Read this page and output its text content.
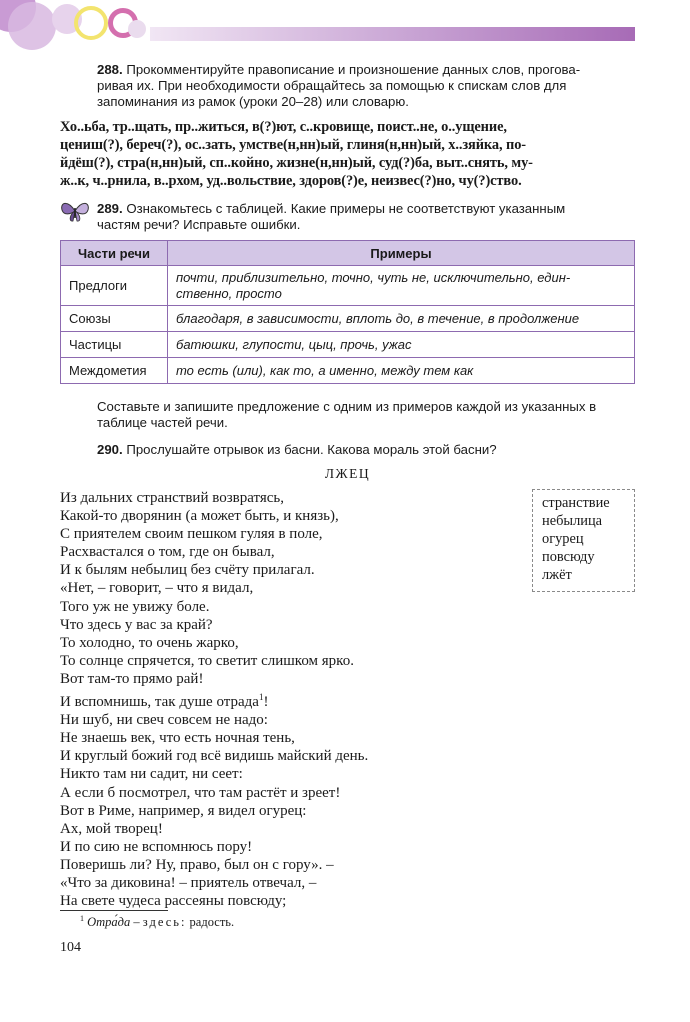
288. Прокомментируйте правописание и произношение данных слов, прогова-
ривая их. При необходимости обращайтесь за помощью к спискам слов для
запоминания из рамок (уроки 20–28) или словарю.
Хо..ьба, тр..щать, пр..житься, в(?)ют, с..кровище, поист..не, о..ущение,
цениш(?), береч(?), ос..зать, умстве(н,нн)ый, глиня(н,нн)ый, х..зяйка, по-
йдёш(?), стра(н,нн)ый, сп..койно, жизне(н,нн)ый, суд(?)ба, выт..снять, му-
ж..к, ч..рнила, в..рхом, уд..вольствие, здоров(?)е, неизвес(?)но, чу(?)ство.
289. Ознакомьтесь с таблицей. Какие примеры не соответствуют указанным
частям речи? Исправьте ошибки.
Части речи	Примеры
Предлоги	почти, приблизительно, точно, чуть не, исключительно, един-
ственно, просто

Союзы	благодаря, в зависимости, вплоть до, в течение, в продолжение
Частицы	батюшки, глупости, цыц, прочь, ужас
Междометия	то есть (или), как то, а именно, между тем как
Составьте и запишите предложение с одним из примеров каждой из указанных в
таблице частей речи.
290. Прослушайте отрывок из басни. Какова мораль этой басни?
ЛЖЕЦ
Из дальних странствий возвратясь,
Какой-то дворянин (а может быть, и князь),
С приятелем своим пешком гуляя в поле,
Расхвастался о том, где он бывал,
И к былям небылиц без счёту прилагал.
«Нет, – говорит, – что я видал,
Того уж не увижу боле.
Что здесь у вас за край?
То холодно, то очень жарко,
То солнце спрячется, то светит слишком ярко.
Вот там-то прямо рай!
И вспомнишь, так душе отрада$^1$!
Ни шуб, ни свеч совсем не надо:
Не знаешь век, что есть ночная тень,
И круглый божий год всё видишь майский день.
Никто там ни садит, ни сеет:
А если б посмотрел, что там растёт и зреет!
Вот в Риме, например, я видел огурец:
Ах, мой творец!
И по сию не вспомнюсь пору!
Поверишь ли? Ну, право, был он с гору». –
«Что за диковина! – приятель отвечал, –
На свете чудеса рассеяны повсюду;
странствие
небылица
огурец
повсюду
лжёт
$^1$ Отра́да – здесь: радость.
104
